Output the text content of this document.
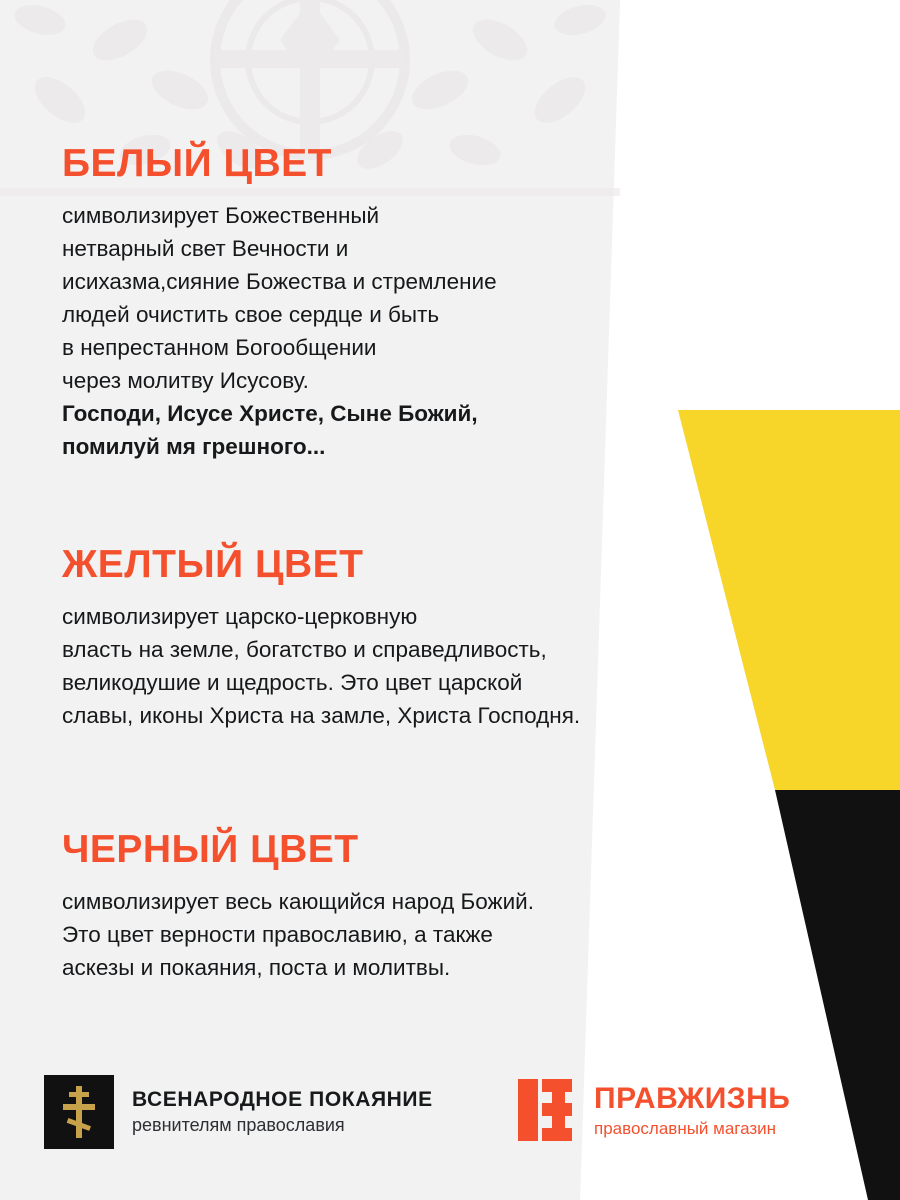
БЕЛЫЙ ЦВЕТ

символизирует Божественный
нетварный свет Вечности и
исихазма,сияние Божества и стремление
людей очистить свое сердце и быть
в непрестанном Богообщении
через молитву Исусову.

Господи, Исусе Христе, Сыне Божий,
помилуй мя грешного...

ЖЕЛТЫЙ ЦВЕТ

символизирует царско-церковную
власть на земле, богатство и справедливость,
великодушие и щедрость. Это цвет царской
славы, иконы Христа на замле, Христа Господня.

ЧЕРНЫЙ ЦВЕТ

символизирует весь кающийся народ Божий.
Это цвет верности православию, а также
аскезы и покаяния, поста и молитвы.

ВСЕНАРОДНОЕ ПОКАЯНИЕ
ревнителям православия
ПРАВЖИЗНЬ
православный магазин
